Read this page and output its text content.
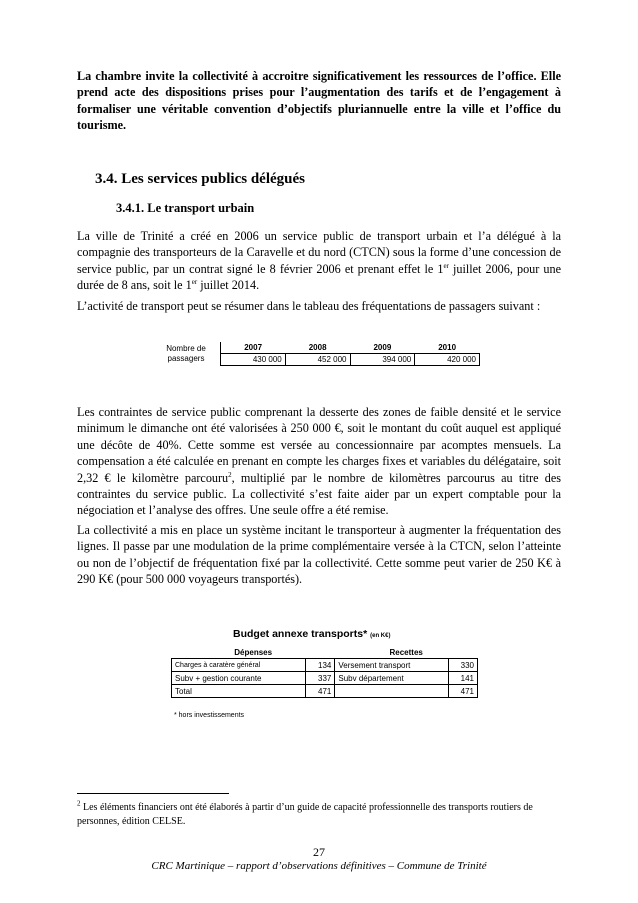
La chambre invite la collectivité à accroitre significativement les ressources de l’office. Elle prend acte des dispositions prises pour l’augmentation des tarifs et de l’engagement à formaliser une véritable convention d’objectifs pluriannuelle entre la ville et l’office du tourisme.

3.4. Les services publics délégués

3.4.1. Le transport urbain

La ville de Trinité a créé en 2006 un service public de transport urbain et l’a délégué à la compagnie des transporteurs de la Caravelle et du nord (CTCN) sous la forme d’une concession de service public, par un contrat signé le 8 février 2006 et prenant effet le 1er juillet 2006, pour une durée de 8 ans, soit le 1er juillet 2014.

L’activité de transport peut se résumer dans le tableau des fréquentations de passagers suivant :

Nombre de passagers	2007	2008	2009	2010
	430 000	452 000	394 000	420 000

Les contraintes de service public comprenant la desserte des zones de faible densité et le service minimum le dimanche ont été valorisées à 250 000 €, soit le montant du coût auquel est appliqué une décôte de 40%. Cette somme est versée au concessionnaire par acomptes mensuels. La compensation a été calculée en prenant en compte les charges fixes et variables du délégataire, soit 2,32 € le kilomètre parcouru$^2$, multiplié par le nombre de kilomètres parcourus au titre des contraintes du service public. La collectivité s’est faite aider par un expert comptable pour la négociation et l’analyse des offres. Une seule offre a été remise.

La collectivité a mis en place un système incitant le transporteur à augmenter la fréquentation des lignes. Il passe par une modulation de la prime complémentaire versée à la CTCN, selon l’atteinte ou non de l’objectif de fréquentation fixé par la collectivité. Cette somme peut varier de 250 K€ à 290 K€ (pour 500 000 voyageurs transportés).

Budget annexe transports* (en K€)
Dépenses		Recettes	
Charges à caratère général	134	Versement transport	330
Subv + gestion courante	337	Subv département	141
Total	471		471
* hors investissements

$^2$ Les éléments financiers ont été élaborés à partir d’un guide de capacité professionnelle des transports routiers de personnes, édition CELSE.

27
CRC Martinique – rapport d’observations définitives – Commune de Trinité
